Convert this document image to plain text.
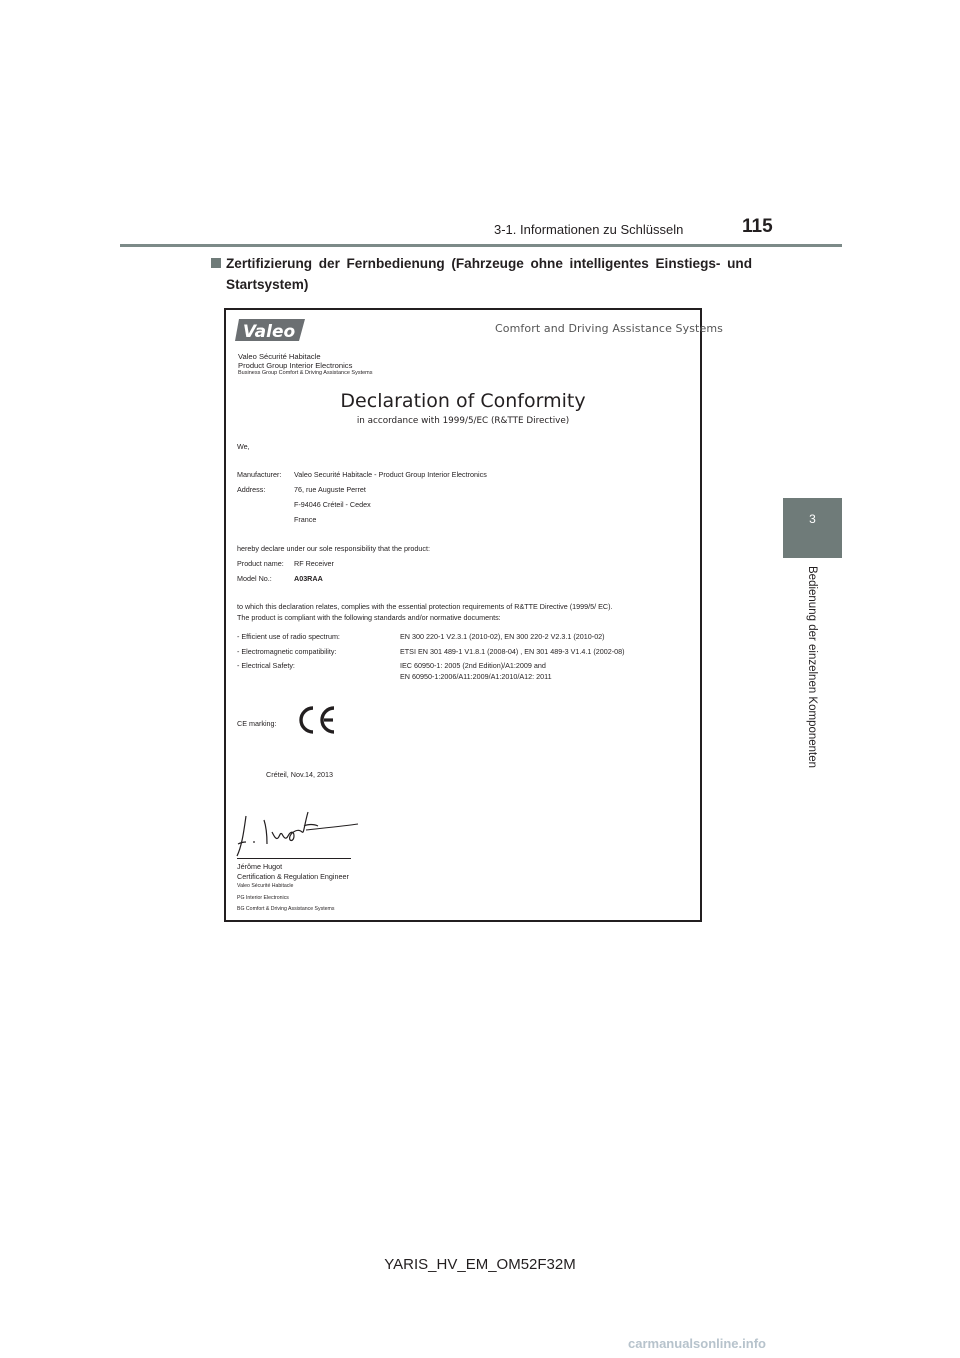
3-1. Informationen zu Schlüsseln	115
3
Bedienung der einzelnen Komponenten
Zertifizierung der Fernbedienung (Fahrzeuge ohne intelligentes Einstiegs- und Startsystem)
Valeo	Comfort and Driving Assistance Systems
Valeo Sécurité Habitacle
Product Group Interior Electronics
Business Group Comfort & Driving Assistance Systems
Declaration of Conformity
in accordance with 1999/5/EC (R&TTE Directive)
We,
Manufacturer: Valeo Securité Habitacle - Product Group Interior Electronics
Address:	76, rue Auguste Perret
F-94046 Créteil - Cedex
France
hereby declare under our sole responsibility that the product:
Product name: RF Receiver
Model No.:	A03RAA
to which this declaration relates, complies with the essential protection requirements of R&TTE Directive (1999/5/ EC).
The product is compliant with the following standards and/or normative documents:
- Efficient use of radio spectrum:	EN 300 220-1 V2.3.1 (2010-02), EN 300 220-2 V2.3.1 (2010-02)
- Electromagnetic compatibility:	ETSI EN 301 489-1 V1.8.1 (2008-04) , EN 301 489-3 V1.4.1 (2002-08)
- Electrical Safety:	IEC 60950-1: 2005 (2nd Edition)/A1:2009 and
EN 60950-1:2006/A11:2009/A1:2010/A12: 2011
CE marking:
Créteil, Nov.14, 2013
Jérôme Hugot
Certification & Regulation Engineer
Valeo Sécurité Habitacle
PG Interior Electronics
BG Comfort & Driving Assistance Systems
YARIS_HV_EM_OM52F32M
carmanualsonline.info
